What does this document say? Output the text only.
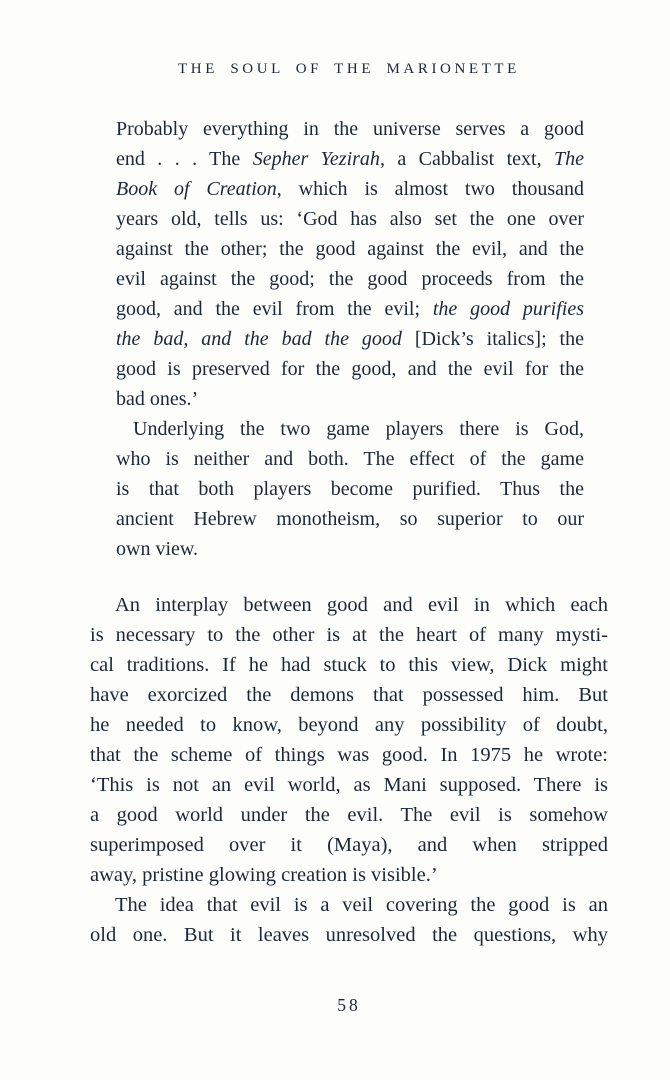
THE SOUL OF THE MARIONETTE
Probably everything in the universe serves a good
end . . . The Sepher Yezirah, a Cabbalist text, The
Book of Creation, which is almost two thousand
years old, tells us: ‘God has also set the one over
against the other; the good against the evil, and the
evil against the good; the good proceeds from the
good, and the evil from the evil; the good purifies
the bad, and the bad the good [Dick’s italics]; the
good is preserved for the good, and the evil for the
bad ones.’
Underlying the two game players there is God,
who is neither and both. The effect of the game
is that both players become purified. Thus the
ancient Hebrew monotheism, so superior to our
own view.
An interplay between good and evil in which each
is necessary to the other is at the heart of many mysti-
cal traditions. If he had stuck to this view, Dick might
have exorcized the demons that possessed him. But
he needed to know, beyond any possibility of doubt,
that the scheme of things was good. In 1975 he wrote:
‘This is not an evil world, as Mani supposed. There is
a good world under the evil. The evil is somehow
superimposed over it (Maya), and when stripped
away, pristine glowing creation is visible.’
The idea that evil is a veil covering the good is an
old one. But it leaves unresolved the questions, why
58
